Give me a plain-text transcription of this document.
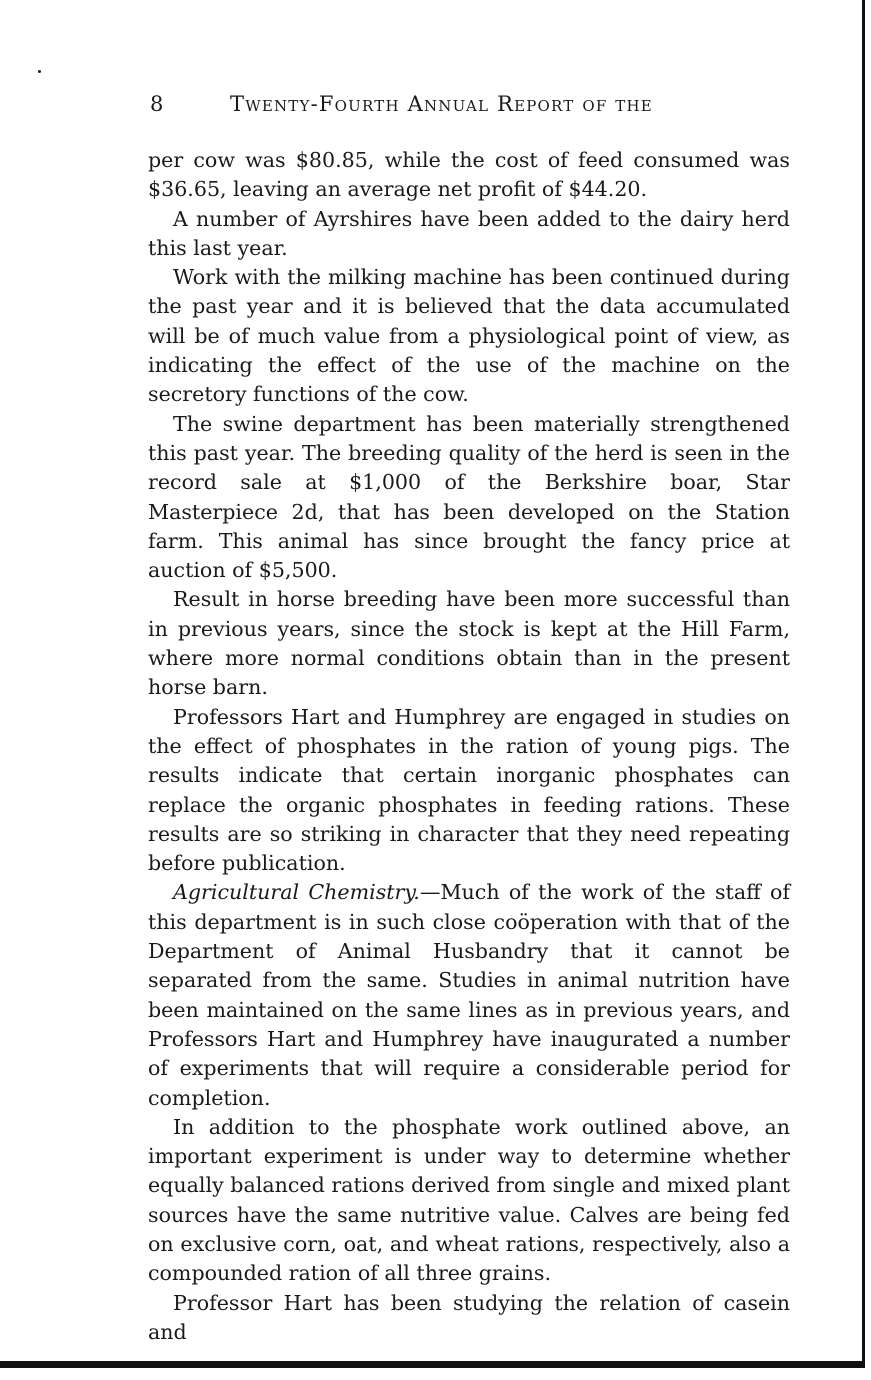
8	Twenty-Fourth Annual Report of the

per cow was $80.85, while the cost of feed consumed was $36.65, leaving an average net profit of $44.20.

A number of Ayrshires have been added to the dairy herd this last year.

Work with the milking machine has been continued during the past year and it is believed that the data accumulated will be of much value from a physiological point of view, as indicating the effect of the use of the machine on the secretory functions of the cow.

The swine department has been materially strengthened this past year. The breeding quality of the herd is seen in the record sale at $1,000 of the Berkshire boar, Star Masterpiece 2d, that has been developed on the Station farm. This animal has since brought the fancy price at auction of $5,500.

Result in horse breeding have been more successful than in previous years, since the stock is kept at the Hill Farm, where more normal conditions obtain than in the present horse barn.

Professors Hart and Humphrey are engaged in studies on the effect of phosphates in the ration of young pigs. The results indicate that certain inorganic phosphates can replace the organic phosphates in feeding rations. These results are so striking in character that they need repeating before publication.

Agricultural Chemistry.—Much of the work of the staff of this department is in such close coöperation with that of the Department of Animal Husbandry that it cannot be separated from the same. Studies in animal nutrition have been maintained on the same lines as in previous years, and Professors Hart and Humphrey have inaugurated a number of experiments that will require a considerable period for completion.

In addition to the phosphate work outlined above, an important experiment is under way to determine whether equally balanced rations derived from single and mixed plant sources have the same nutritive value. Calves are being fed on exclusive corn, oat, and wheat rations, respectively, also a compounded ration of all three grains.

Professor Hart has been studying the relation of casein and
